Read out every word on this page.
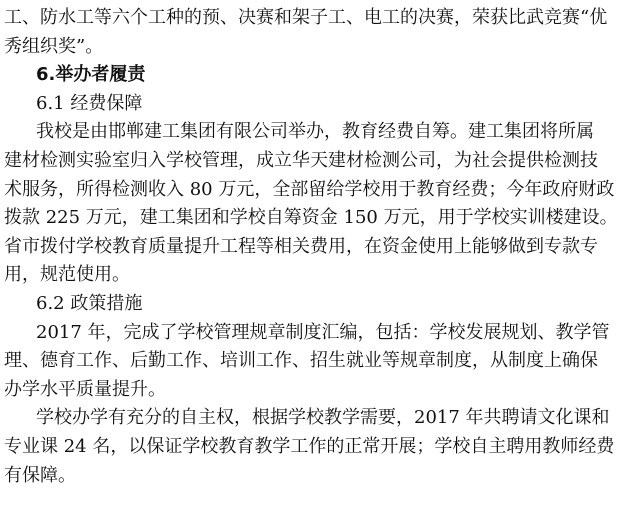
工、防水工等六个工种的预、决赛和架子工、电工的决赛，荣获比武竞赛“优
秀组织奖”。
6.举办者履责
6.1 经费保障
我校是由邯郸建工集团有限公司举办，教育经费自筹。建工集团将所属
建材检测实验室归入学校管理，成立华天建材检测公司，为社会提供检测技
术服务，所得检测收入 80 万元，全部留给学校用于教育经费；今年政府财政
拨款 225 万元，建工集团和学校自筹资金 150 万元，用于学校实训楼建设。
省市拨付学校教育质量提升工程等相关费用，在资金使用上能够做到专款专
用，规范使用。
6.2 政策措施
2017 年，完成了学校管理规章制度汇编，包括：学校发展规划、教学管
理、德育工作、后勤工作、培训工作、招生就业等规章制度，从制度上确保
办学水平质量提升。
学校办学有充分的自主权，根据学校教学需要，2017 年共聘请文化课和
专业课 24 名，以保证学校教育教学工作的正常开展；学校自主聘用教师经费
有保障。
